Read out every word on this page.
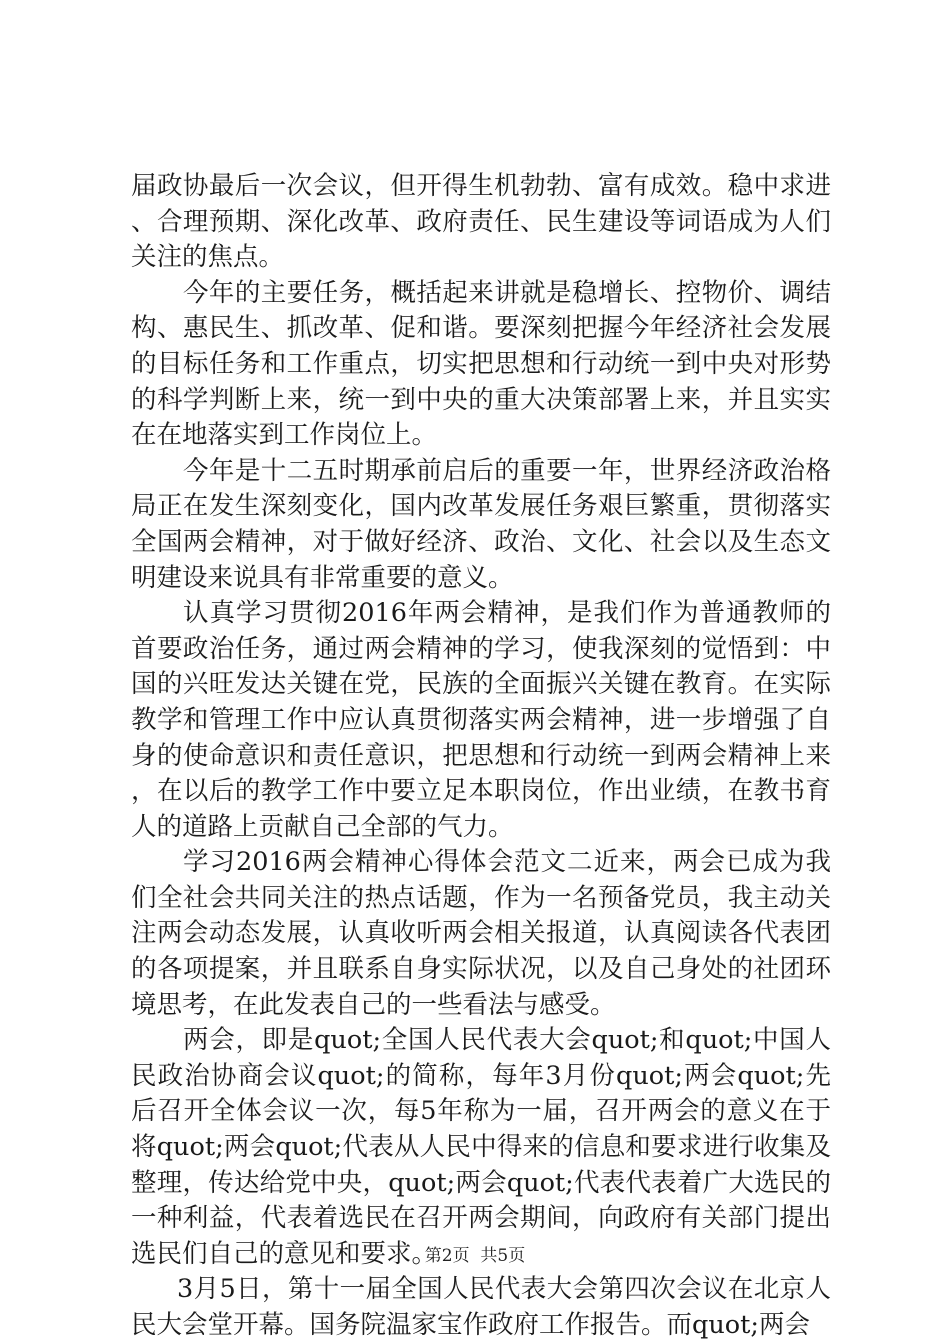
届政协最后一次会议，但开得生机勃勃、富有成效。稳中求进、合理预期、深化改革、政府责任、民生建设等词语成为人们关注的焦点。

今年的主要任务，概括起来讲就是稳增长、控物价、调结构、惠民生、抓改革、促和谐。要深刻把握今年经济社会发展的目标任务和工作重点，切实把思想和行动统一到中央对形势的科学判断上来，统一到中央的重大决策部署上来，并且实实在在地落实到工作岗位上。

今年是十二五时期承前启后的重要一年，世界经济政治格局正在发生深刻变化，国内改革发展任务艰巨繁重，贯彻落实全国两会精神，对于做好经济、政治、文化、社会以及生态文明建设来说具有非常重要的意义。

认真学习贯彻2016年两会精神，是我们作为普通教师的首要政治任务，通过两会精神的学习，使我深刻的觉悟到：中国的兴旺发达关键在党，民族的全面振兴关键在教育。在实际教学和管理工作中应认真贯彻落实两会精神，进一步增强了自身的使命意识和责任意识，把思想和行动统一到两会精神上来，在以后的教学工作中要立足本职岗位，作出业绩，在教书育人的道路上贡献自己全部的气力。

学习2016两会精神心得体会范文二近来，两会已成为我们全社会共同关注的热点话题，作为一名预备党员，我主动关注两会动态发展，认真收听两会相关报道，认真阅读各代表团的各项提案，并且联系自身实际状况，以及自己身处的社团环境思考，在此发表自己的一些看法与感受。

两会，即是quot;全国人民代表大会quot;和quot;中国人民政治协商会议quot;的简称，每年3月份quot;两会quot;先后召开全体会议一次，每5年称为一届，召开两会的意义在于将quot;两会quot;代表从人民中得来的信息和要求进行收集及整理，传达给党中央，quot;两会quot;代表代表着广大选民的一种利益，代表着选民在召开两会期间，向政府有关部门提出选民们自己的意见和要求。

3月5日，第十一届全国人民代表大会第四次会议在北京人民大会堂开幕。国务院温家宝作政府工作报告。而quot;两会

第2页  共5页
